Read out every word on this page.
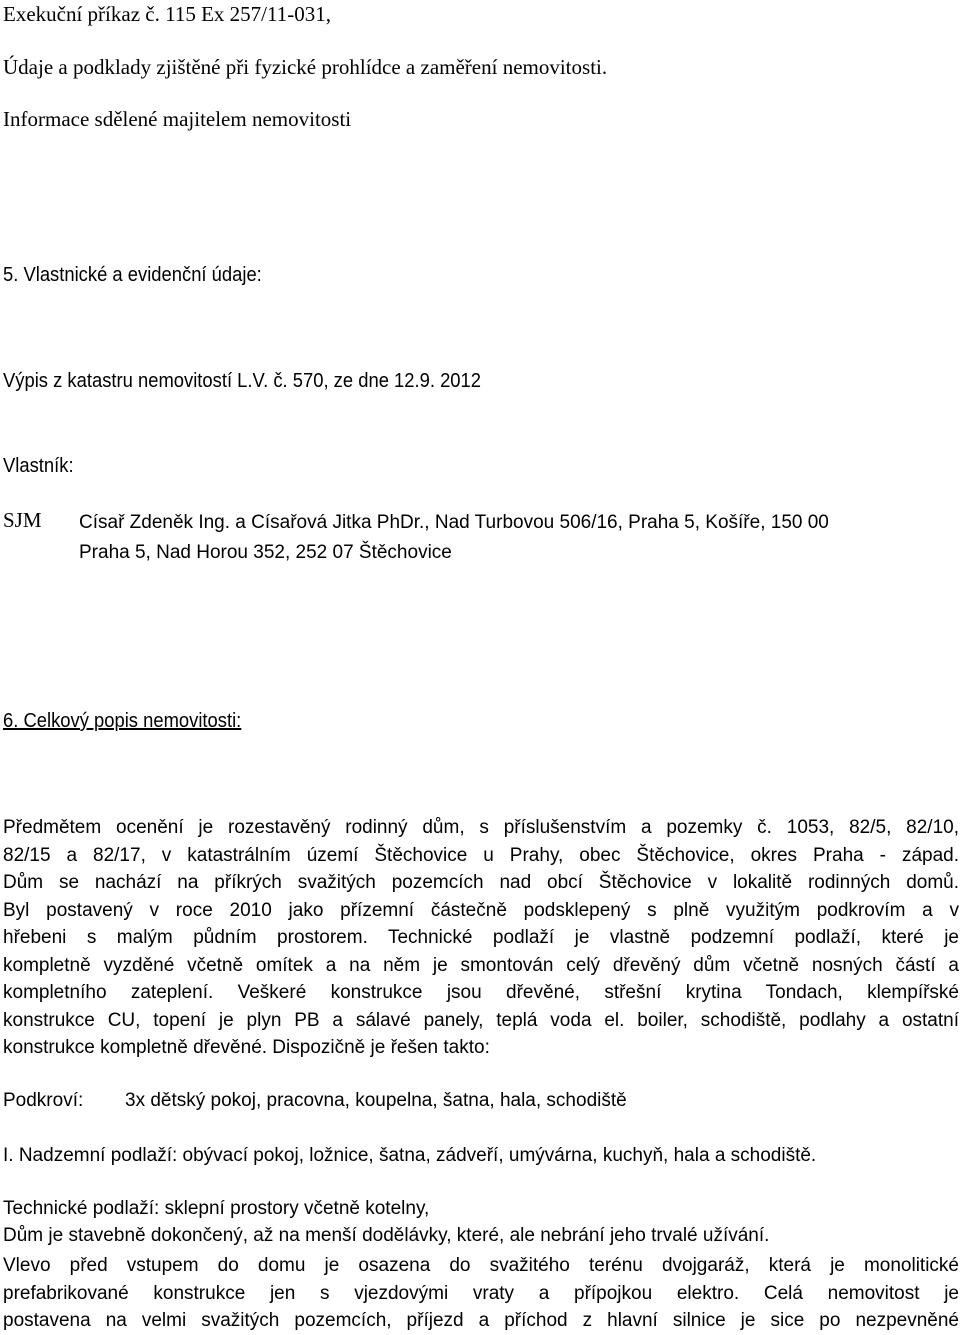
Exekuční příkaz č. 115 Ex 257/11-031,
Údaje a podklady zjištěné při fyzické prohlídce a zaměření nemovitosti.
Informace sdělené majitelem nemovitosti
5. Vlastnické a evidenční údaje:
Výpis z katastru nemovitostí L.V. č. 570, ze dne 12.9. 2012
Vlastník:
SJM Císař Zdeněk Ing. a Císařová Jitka PhDr., Nad Turbovou 506/16, Praha 5, Košíře, 150 00
Praha 5, Nad Horou 352, 252 07 Štěchovice
6. Celkový popis nemovitosti:
Předmětem ocenění je rozestavěný rodinný dům, s příslušenstvím a pozemky č. 1053, 82/5, 82/10,
82/15 a 82/17, v katastrálním území Štěchovice u Prahy, obec Štěchovice, okres Praha - západ.
Dům se nachází na příkrých svažitých pozemcích nad obcí Štěchovice v lokalitě rodinných domů.
Byl postavený v roce 2010 jako přízemní částečně podsklepený s plně využitým podkrovím a v
hřebeni s malým půdním prostorem. Technické podlaží je vlastně podzemní podlaží, které je
kompletně vyzděné včetně omítek a na něm je smontován celý dřevěný dům včetně nosných částí a
kompletního zateplení. Veškeré konstrukce jsou dřevěné, střešní krytina Tondach, klempířské
konstrukce CU, topení je plyn PB a sálavé panely, teplá voda el. boiler, schodiště, podlahy a ostatní
konstrukce kompletně dřevěné. Dispozičně je řešen takto:
Podkroví: 3x dětský pokoj, pracovna, koupelna, šatna, hala, schodiště
I. Nadzemní podlaží: obývací pokoj, ložnice, šatna, zádveří, umývárna, kuchyň, hala a schodiště.
Technické podlaží: sklepní prostory včetně kotelny,
Dům je stavebně dokončený, až na menší dodělávky, které, ale nebrání jeho trvalé užívání.
Vlevo před vstupem do domu je osazena do svažitého terénu dvojgaráž, která je monolitické
prefabrikované konstrukce jen s vjezdovými vraty a přípojkou elektro. Celá nemovitost je
postavena na velmi svažitých pozemcích, příjezd a příchod z hlavní silnice je sice po nezpevněné
